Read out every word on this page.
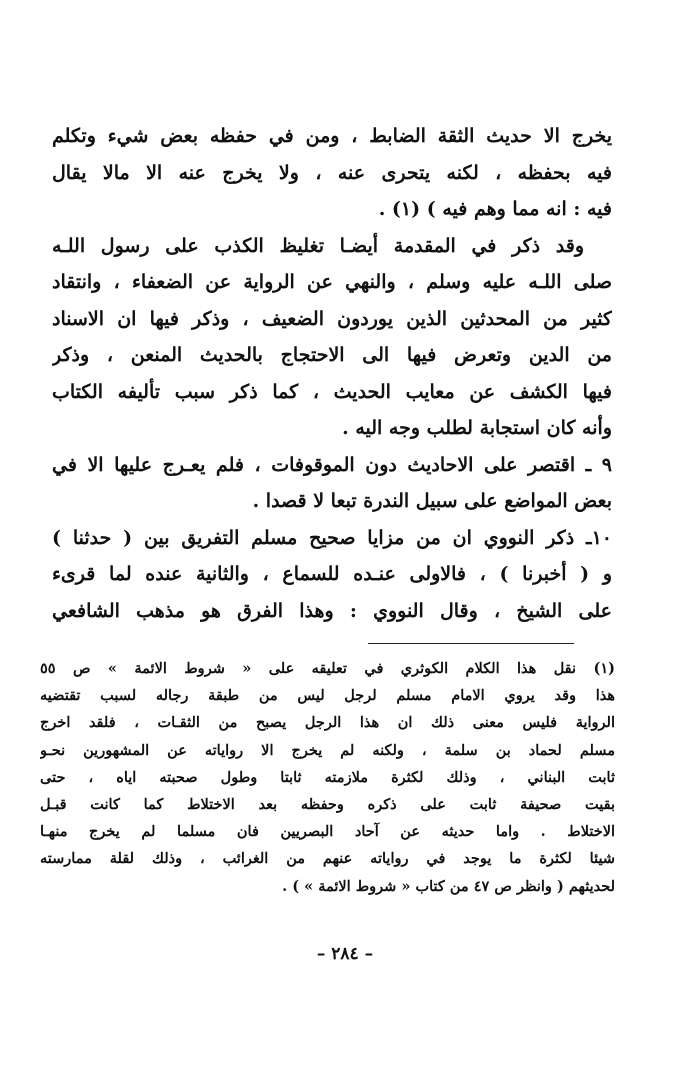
يخرج الا حديث الثقة الضابط ، ومن في حفظه بعض شيء وتكلم
فيه بحفظه ، لكنه يتحرى عنه ، ولا يخرج عنه الا مالا يقال
فيه : انه مما وهم فيه ) (١) .
وقد ذكر في المقدمة أيضـا تغليظ الكذب على رسول اللـه
صلى اللـه عليه وسلم ، والنهي عن الرواية عن الضعفاء ، وانتقاد
كثير من المحدثين الذين يوردون الضعيف ، وذكر فيها ان الاسناد
من الدين وتعرض فيها الى الاحتجاج بالحديث المنعن ، وذكر
فيها الكشف عن معايب الحديث ، كما ذكر سبب تأليفه الكتاب
وأنه كان استجابة لطلب وجه اليه .
٩ ـ اقتصر على الاحاديث دون الموقوفات ، فلم يعـرج عليها الا في
بعض المواضع على سبيل الندرة تبعا لا قصدا .
١٠ـ ذكر النووي ان من مزايا صحيح مسلم التفريق بين ( حدثنا )
و ( أخبرنا ) ، فالاولى عنـده للسماع ، والثانية عنده لما قرىء
على الشيخ ، وقال النووي : وهذا الفرق هو مذهب الشافعي
(١) نقل هذا الكلام الكوثري في تعليقه على « شروط الائمة » ص ٥٥
هذا وقد يروي الامام مسلم لرجل ليس من طبقة رجاله لسبب تقتضيه
الرواية فليس معنى ذلك ان هذا الرجل يصبح من الثقـات ، فلقد اخرج
مسلم لحماد بن سلمة ، ولكنه لم يخرج الا رواياته عن المشهورين نحـو
ثابت البناني ، وذلك لكثرة ملازمته ثابتا وطول صحبته اياه ، حتى
بقيت صحيفة ثابت على ذكره وحفظه بعد الاختلاط كما كانت قبـل
الاختلاط . واما حديثه عن آحاد البصريين فان مسلما لم يخرج منهـا
شيئا لكثرة ما يوجد في رواياته عنهم من الغرائب ، وذلك لقلة ممارسته
لحديثهم ( وانظر ص ٤٧ من كتاب « شروط الائمة » ) .
– ٢٨٤ –
